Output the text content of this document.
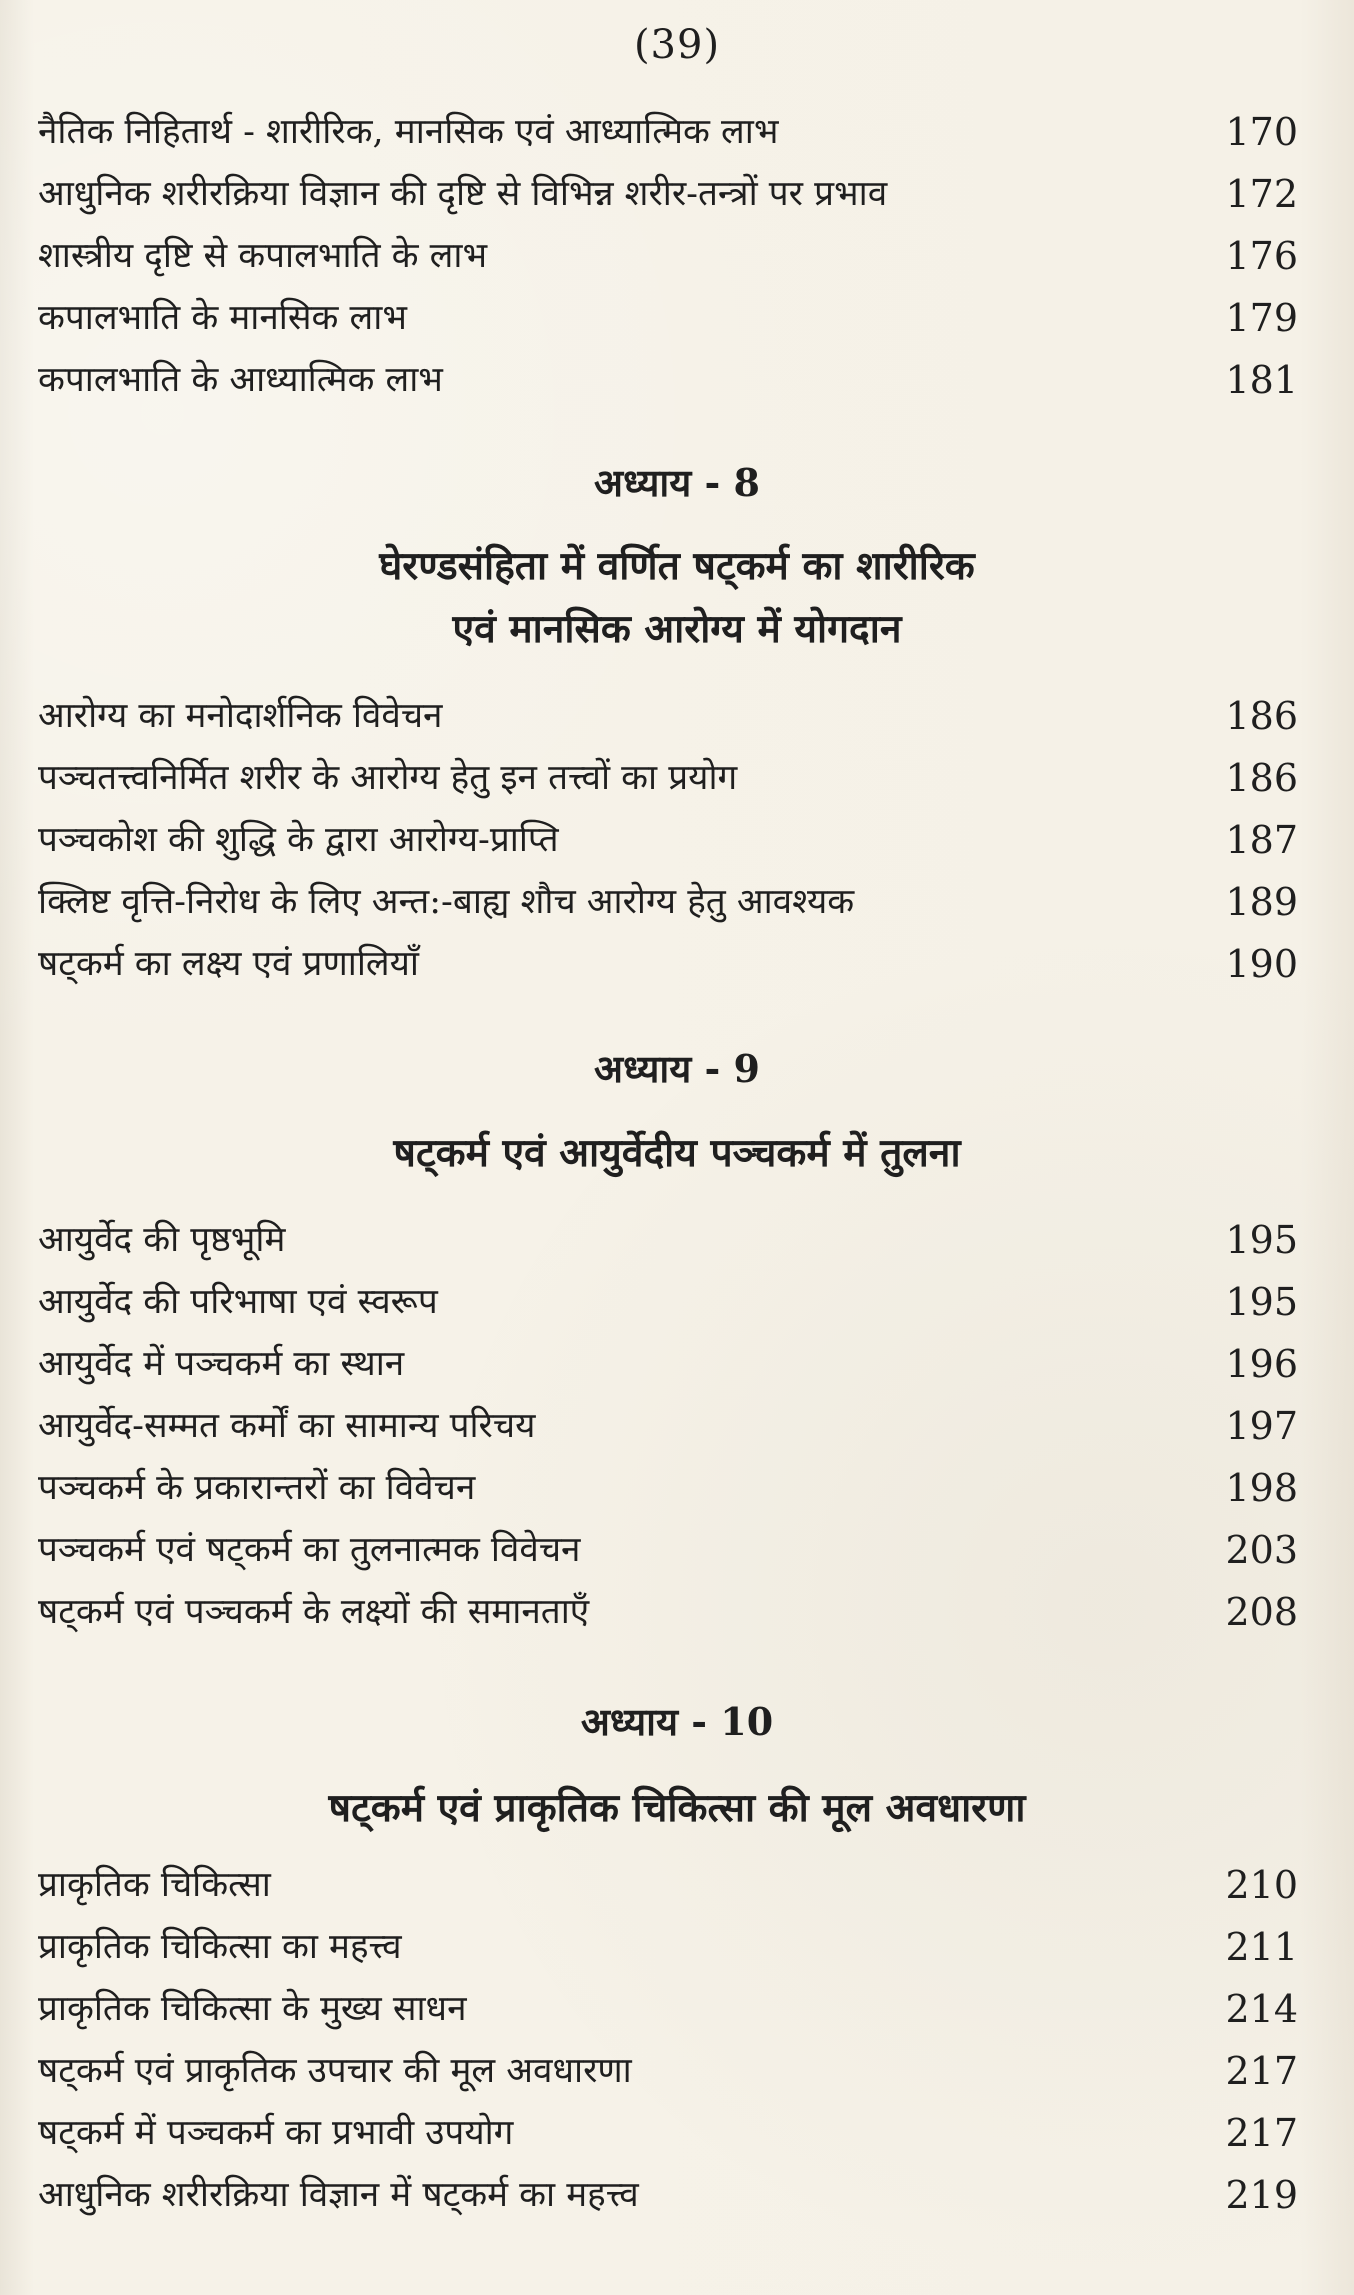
(39)
नैतिक निहितार्थ - शारीरिक, मानसिक एवं आध्यात्मिक लाभ	170
आधुनिक शरीरक्रिया विज्ञान की दृष्टि से विभिन्न शरीर-तन्त्रों पर प्रभाव	172
शास्त्रीय दृष्टि से कपालभाति के लाभ	176
कपालभाति के मानसिक लाभ	179
कपालभाति के आध्यात्मिक लाभ	181
अध्याय - 8
घेरण्डसंहिता में वर्णित षट्कर्म का शारीरिक
एवं मानसिक आरोग्य में योगदान
आरोग्य का मनोदार्शनिक विवेचन	186
पञ्चतत्त्वनिर्मित शरीर के आरोग्य हेतु इन तत्त्वों का प्रयोग	186
पञ्चकोश की शुद्धि के द्वारा आरोग्य-प्राप्ति	187
क्लिष्ट वृत्ति-निरोध के लिए अन्त:-बाह्य शौच आरोग्य हेतु आवश्यक	189
षट्कर्म का लक्ष्य एवं प्रणालियाँ	190
अध्याय - 9
षट्कर्म एवं आयुर्वेदीय पञ्चकर्म में तुलना
आयुर्वेद की पृष्ठभूमि	195
आयुर्वेद की परिभाषा एवं स्वरूप	195
आयुर्वेद में पञ्चकर्म का स्थान	196
आयुर्वेद-सम्मत कर्मों का सामान्य परिचय	197
पञ्चकर्म के प्रकारान्तरों का विवेचन	198
पञ्चकर्म एवं षट्कर्म का तुलनात्मक विवेचन	203
षट्कर्म एवं पञ्चकर्म के लक्ष्यों की समानताएँ	208
अध्याय - 10
षट्कर्म एवं प्राकृतिक चिकित्सा की मूल अवधारणा
प्राकृतिक चिकित्सा	210
प्राकृतिक चिकित्सा का महत्त्व	211
प्राकृतिक चिकित्सा के मुख्य साधन	214
षट्कर्म एवं प्राकृतिक उपचार की मूल अवधारणा	217
षट्कर्म में पञ्चकर्म का प्रभावी उपयोग	217
आधुनिक शरीरक्रिया विज्ञान में षट्कर्म का महत्त्व	219
